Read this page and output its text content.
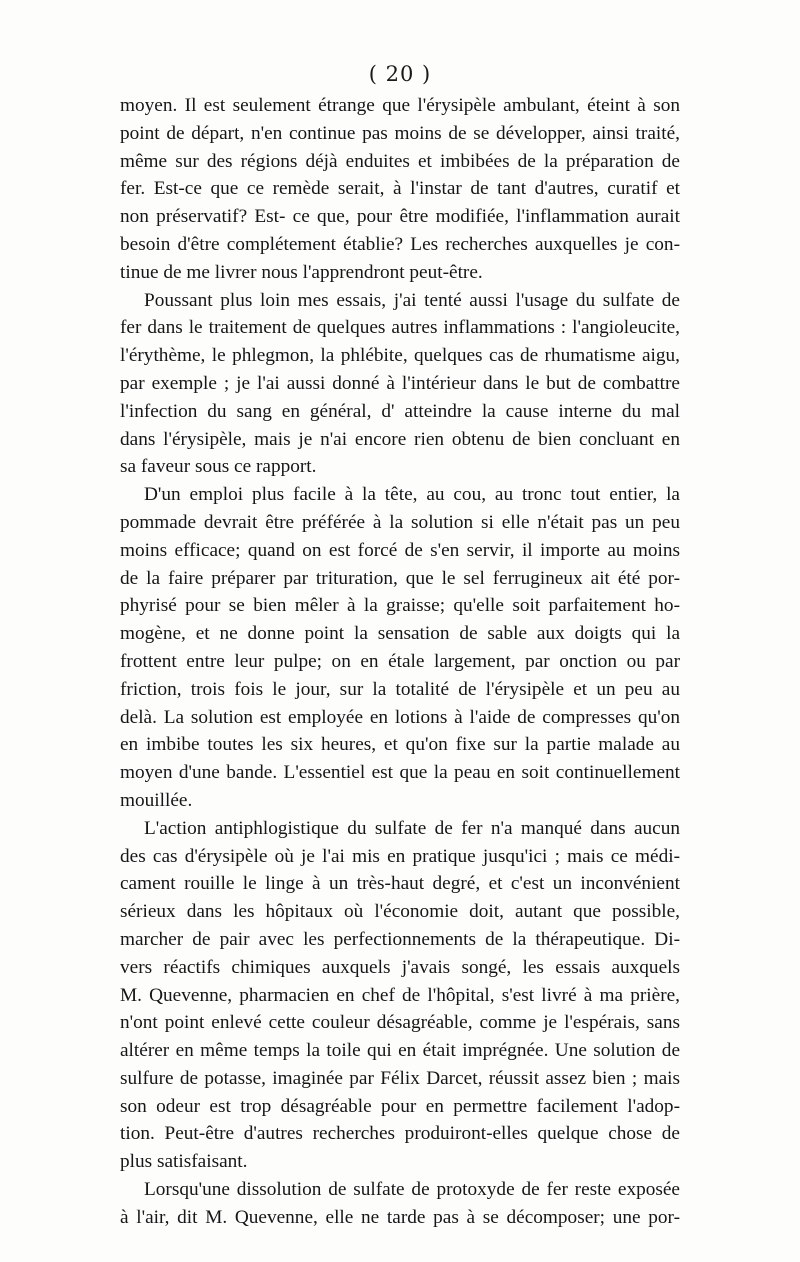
( 20 )
moyen. Il est seulement étrange que l'érysipèle ambulant, éteint à son
point de départ, n'en continue pas moins de se développer, ainsi traité,
même sur des régions déjà enduites et imbibées de la préparation de
fer. Est-ce que ce remède serait, à l'instar de tant d'autres, curatif et
non préservatif? Est- ce que, pour être modifiée, l'inflammation aurait
besoin d'être complétement établie? Les recherches auxquelles je con-
tinue de me livrer nous l'apprendront peut-être.
Poussant plus loin mes essais, j'ai tenté aussi l'usage du sulfate de
fer dans le traitement de quelques autres inflammations : l'angioleucite,
l'érythème, le phlegmon, la phlébite, quelques cas de rhumatisme aigu,
par exemple ; je l'ai aussi donné à l'intérieur dans le but de combattre
l'infection du sang en général, d' atteindre la cause interne du mal
dans l'érysipèle, mais je n'ai encore rien obtenu de bien concluant en
sa faveur sous ce rapport.
D'un emploi plus facile à la tête, au cou, au tronc tout entier, la
pommade devrait être préférée à la solution si elle n'était pas un peu
moins efficace; quand on est forcé de s'en servir, il importe au moins
de la faire préparer par trituration, que le sel ferrugineux ait été por-
phyrisé pour se bien mêler à la graisse; qu'elle soit parfaitement ho-
mogène, et ne donne point la sensation de sable aux doigts qui la
frottent entre leur pulpe; on en étale largement, par onction ou par
friction, trois fois le jour, sur la totalité de l'érysipèle et un peu au
delà. La solution est employée en lotions à l'aide de compresses qu'on
en imbibe toutes les six heures, et qu'on fixe sur la partie malade au
moyen d'une bande. L'essentiel est que la peau en soit continuellement
mouillée.
L'action antiphlogistique du sulfate de fer n'a manqué dans aucun
des cas d'érysipèle où je l'ai mis en pratique jusqu'ici ; mais ce médi-
cament rouille le linge à un très-haut degré, et c'est un inconvénient
sérieux dans les hôpitaux où l'économie doit, autant que possible,
marcher de pair avec les perfectionnements de la thérapeutique. Di-
vers réactifs chimiques auxquels j'avais songé, les essais auxquels
M. Quevenne, pharmacien en chef de l'hôpital, s'est livré à ma prière,
n'ont point enlevé cette couleur désagréable, comme je l'espérais, sans
altérer en même temps la toile qui en était imprégnée. Une solution de
sulfure de potasse, imaginée par Félix Darcet, réussit assez bien ; mais
son odeur est trop désagréable pour en permettre facilement l'adop-
tion. Peut-être d'autres recherches produiront-elles quelque chose de
plus satisfaisant.
Lorsqu'une dissolution de sulfate de protoxyde de fer reste exposée
à l'air, dit M. Quevenne, elle ne tarde pas à se décomposer; une por-
